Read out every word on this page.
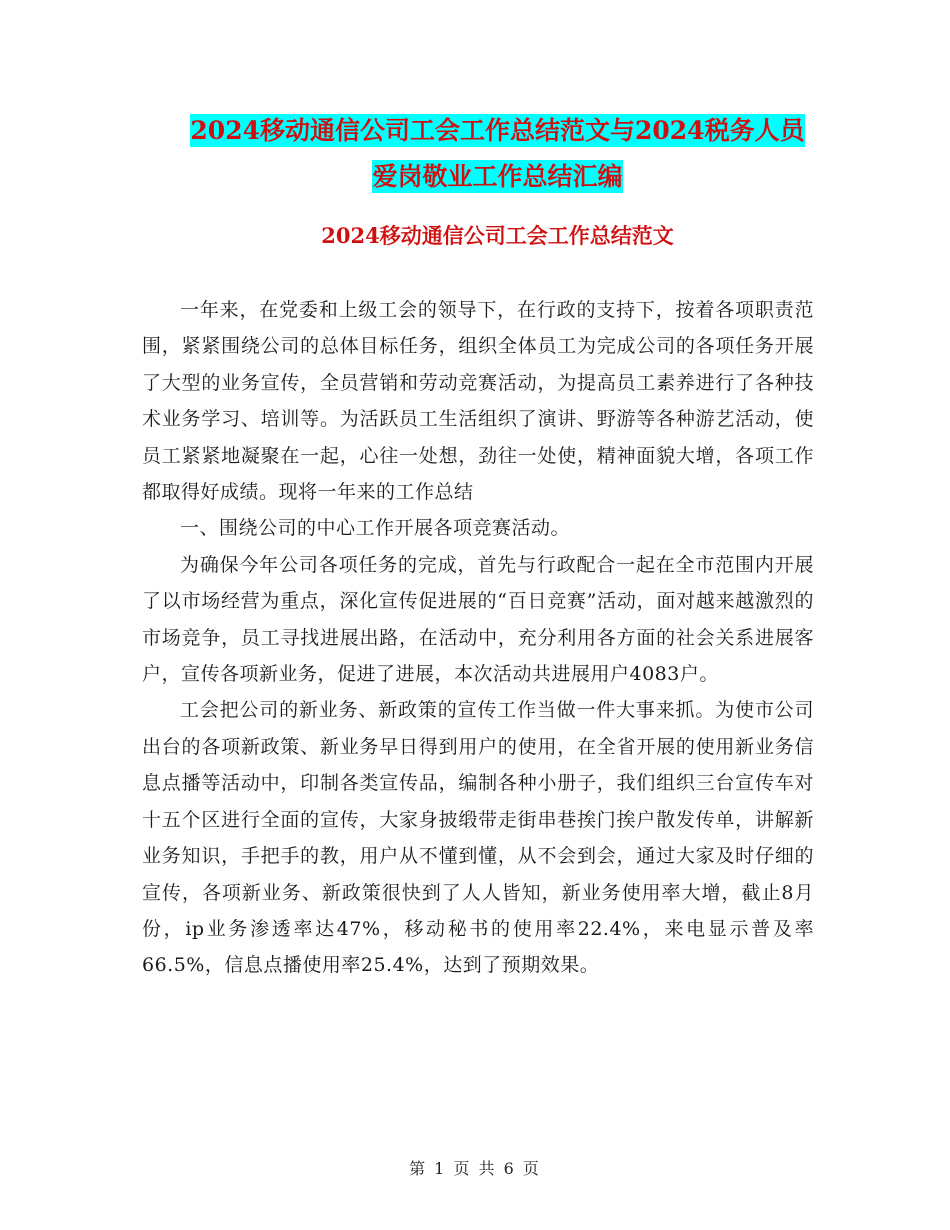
2024移动通信公司工会工作总结范文与2024税务人员
爱岗敬业工作总结汇编
2024移动通信公司工会工作总结范文

一年来，在党委和上级工会的领导下，在行政的支持下，按着各项职责范围，紧紧围绕公司的总体目标任务，组织全体员工为完成公司的各项任务开展了大型的业务宣传，全员营销和劳动竞赛活动，为提高员工素养进行了各种技术业务学习、培训等。为活跃员工生活组织了演讲、野游等各种游艺活动，使员工紧紧地凝聚在一起，心往一处想，劲往一处使，精神面貌大增，各项工作都取得好成绩。现将一年来的工作总结

一、围绕公司的中心工作开展各项竞赛活动。

为确保今年公司各项任务的完成，首先与行政配合一起在全市范围内开展了以市场经营为重点，深化宣传促进展的“百日竞赛”活动，面对越来越激烈的市场竞争，员工寻找进展出路，在活动中，充分利用各方面的社会关系进展客户，宣传各项新业务，促进了进展，本次活动共进展用户4083户。

工会把公司的新业务、新政策的宣传工作当做一件大事来抓。为使市公司出台的各项新政策、新业务早日得到用户的使用，在全省开展的使用新业务信息点播等活动中，印制各类宣传品，编制各种小册子，我们组织三台宣传车对十五个区进行全面的宣传，大家身披缎带走街串巷挨门挨户散发传单，讲解新业务知识，手把手的教，用户从不懂到懂，从不会到会，通过大家及时仔细的宣传，各项新业务、新政策很快到了人人皆知，新业务使用率大增，截止8月份，ip业务渗透率达47%，移动秘书的使用率22.4%，来电显示普及率66.5%，信息点播使用率25.4%，达到了预期效果。

第 1 页 共 6 页
